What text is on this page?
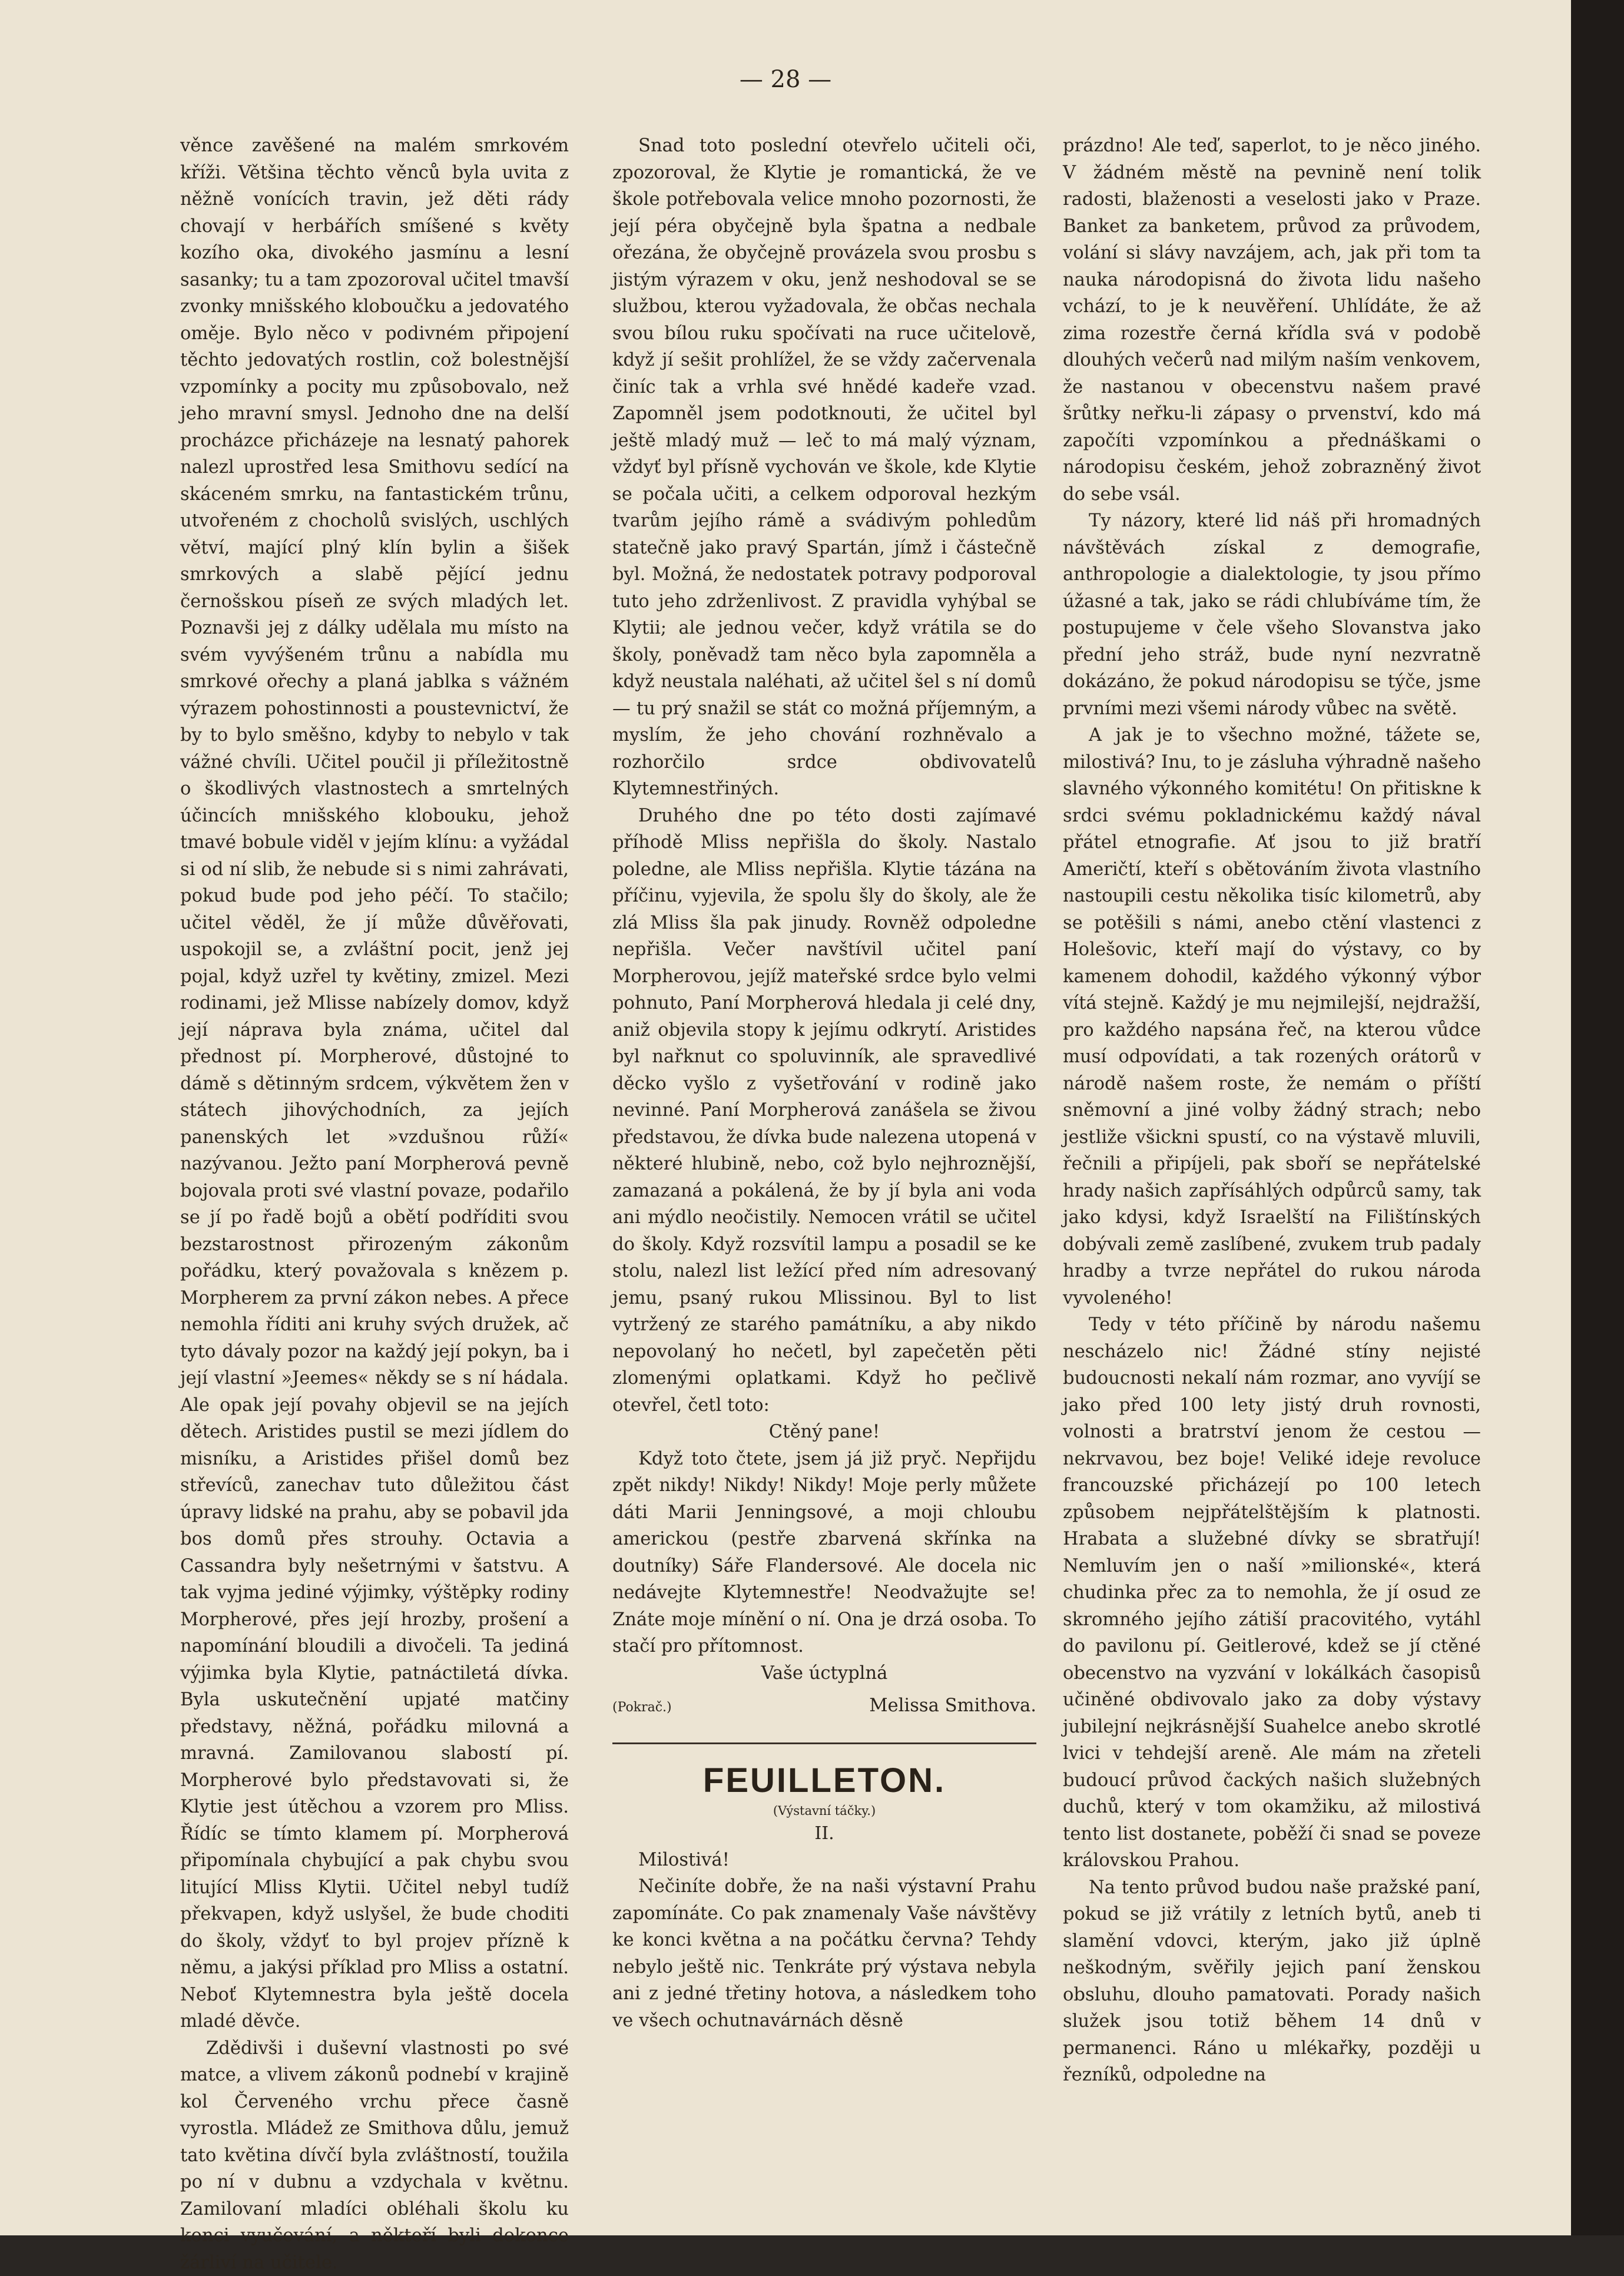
— 28 —

věnce zavěšené na malém smrkovém kříži. Většina těchto věnců byla uvita z něžně vonících travin, jež děti rády chovají v herbářích smíšené s květy kozího oka, divokého jasmínu a lesní sasanky; tu a tam zpozoroval učitel tmavší zvonky mnišského kloboučku a jedovatého oměje. Bylo něco v podivném připojení těchto jedovatých rostlin, což bolestnější vzpomínky a pocity mu způsobovalo, než jeho mravní smysl. Jednoho dne na delší procházce přicházeje na lesnatý pahorek nalezl uprostřed lesa Smithovu sedící na skáceném smrku, na fantastickém trůnu, utvořeném z chocholů svislých, uschlých větví, mající plný klín bylin a šišek smrkových a slabě pějící jednu černošskou píseň ze svých mladých let. Poznavši jej z dálky udělala mu místo na svém vyvýšeném trůnu a nabídla mu smrkové ořechy a planá jablka s vážném výrazem pohostinnosti a poustevnictví, že by to bylo směšno, kdyby to nebylo v tak vážné chvíli. Učitel poučil ji příležitostně o škodlivých vlastnostech a smrtelných účincích mnišského klobouku, jehož tmavé bobule viděl v jejím klínu: a vyžádal si od ní slib, že nebude si s nimi zahrávati, pokud bude pod jeho péčí. To stačilo; učitel věděl, že jí může důvěřovati, uspokojil se, a zvláštní pocit, jenž jej pojal, když uzřel ty květiny, zmizel. Mezi rodinami, jež Mlisse nabízely domov, když její náprava byla známa, učitel dal přednost pí. Morpherové, důstojné to dámě s dětinným srdcem, výkvětem žen v státech jihovýchodních, za jejích panenských let »vzdušnou růží« nazývanou. Ježto paní Morpherová pevně bojovala proti své vlastní povaze, podařilo se jí po řadě bojů a obětí podříditi svou bezstarostnost přirozeným zákonům pořádku, který považovala s knězem p. Morpherem za první zákon nebes. A přece nemohla říditi ani kruhy svých družek, ač tyto dávaly pozor na každý její pokyn, ba i její vlastní »Jeemes« někdy se s ní hádala. Ale opak její povahy objevil se na jejích dětech. Aristides pustil se mezi jídlem do misníku, a Aristides přišel domů bez střevíců, zanechav tuto důležitou část úpravy lidské na prahu, aby se pobavil jda bos domů přes strouhy. Octavia a Cassandra byly nešetrnými v šatstvu. A tak vyjma jediné výjimky, výštěpky rodiny Morpherové, přes její hrozby, prošení a napomínání bloudili a divočeli. Ta jediná výjimka byla Klytie, patnáctiletá dívka. Byla uskutečnění upjaté matčiny představy, něžná, pořádku milovná a mravná. Zamilovanou slabostí pí. Morpherové bylo představovati si, že Klytie jest útěchou a vzorem pro Mliss. Řídíc se tímto klamem pí. Morpherová připomínala chybující a pak chybu svou litující Mliss Klytii. Učitel nebyl tudíž překvapen, když uslyšel, že bude choditi do školy, vždyť to byl projev přízně k němu, a jakýsi příklad pro Mliss a ostatní. Neboť Klytemnestra byla ještě docela mladé děvče.

Zdědivši i duševní vlastnosti po své matce, a vlivem zákonů podnebí v krajině kol Červeného vrchu přece časně vyrostla. Mládež ze Smithova důlu, jemuž tato květina dívčí byla zvláštností, toužila po ní v dubnu a vzdychala v květnu. Zamilovaní mladíci obléhali školu ku konci vyučování, a někteří byli dokonce žárliví na učitele.

Snad toto poslední otevřelo učiteli oči, zpozoroval, že Klytie je romantická, že ve škole potřebovala velice mnoho pozornosti, že její péra obyčejně byla špatna a nedbale ořezána, že obyčejně provázela svou prosbu s jistým výrazem v oku, jenž neshodoval se se službou, kterou vyžadovala, že občas nechala svou bílou ruku spočívati na ruce učitelově, když jí sešit prohlížel, že se vždy začervenala činíc tak a vrhla své hnědé kadeře vzad. Zapomněl jsem podotknouti, že učitel byl ještě mladý muž — leč to má malý význam, vždyť byl přísně vychován ve škole, kde Klytie se počala učiti, a celkem odporoval hezkým tvarům jejího rámě a svádivým pohledům statečně jako pravý Spartán, jímž i částečně byl. Možná, že nedostatek potravy podporoval tuto jeho zdrženlivost. Z pravidla vyhýbal se Klytii; ale jednou večer, když vrátila se do školy, poněvadž tam něco byla zapomněla a když neustala naléhati, až učitel šel s ní domů — tu prý snažil se stát co možná příjemným, a myslím, že jeho chování rozhněvalo a rozhorčilo srdce obdivovatelů Klytemnestřiných.

Druhého dne po této dosti zajímavé příhodě Mliss nepřišla do školy. Nastalo poledne, ale Mliss nepřišla. Klytie tázána na příčinu, vyjevila, že spolu šly do školy, ale že zlá Mliss šla pak jinudy. Rovněž odpoledne nepřišla. Večer navštívil učitel paní Morpherovou, jejíž mateřské srdce bylo velmi pohnuto, Paní Morpherová hledala ji celé dny, aniž objevila stopy k jejímu odkrytí. Aristides byl nařknut co spoluvinník, ale spravedlivé děcko vyšlo z vyšetřování v rodině jako nevinné. Paní Morpherová zanášela se živou představou, že dívka bude nalezena utopená v některé hlubině, nebo, což bylo nejhroznější, zamazaná a pokálená, že by jí byla ani voda ani mýdlo neočistily. Nemocen vrátil se učitel do školy. Když rozsvítil lampu a posadil se ke stolu, nalezl list ležící před ním adresovaný jemu, psaný rukou Mlissinou. Byl to list vytržený ze starého památníku, a aby nikdo nepovolaný ho nečetl, byl zapečetěn pěti zlomenými oplatkami. Když ho pečlivě otevřel, četl toto:

Ctěný pane!

Když toto čtete, jsem já již pryč. Nepřijdu zpět nikdy! Nikdy! Nikdy! Moje perly můžete dáti Marii Jenningsové, a moji chloubu americkou (pestře zbarvená skřínka na doutníky) Sáře Flandersové. Ale docela nic nedávejte Klytemnestře! Neodvažujte se! Znáte moje mínění o ní. Ona je drzá osoba. To stačí pro přítomnost.

Vaše úctyplná

(Pokrač.)	Melissa Smithova.
FEUILLETON.
(Výstavní táčky.)
II.

Milostivá!

Nečiníte dobře, že na naši výstavní Prahu zapomínáte. Co pak znamenaly Vaše návštěvy ke konci května a na počátku června? Tehdy nebylo ještě nic. Tenkráte prý výstava nebyla ani z jedné třetiny hotova, a následkem toho ve všech ochutnavárnách děsně

prázdno! Ale teď, saperlot, to je něco jiného. V žádném městě na pevnině není tolik radosti, blaženosti a veselosti jako v Praze. Banket za banketem, průvod za průvodem, volání si slávy navzájem, ach, jak při tom ta nauka národopisná do života lidu našeho vchází, to je k neuvěření. Uhlídáte, že až zima rozestře černá křídla svá v podobě dlouhých večerů nad milým naším venkovem, že nastanou v obecenstvu našem pravé šrůtky neřku-li zápasy o prvenství, kdo má započíti vzpomínkou a přednáškami o národopisu českém, jehož zobrazněný život do sebe vsál.

Ty názory, které lid náš při hromadných návštěvách získal z demografie, anthropologie a dialektologie, ty jsou přímo úžasné a tak, jako se rádi chlubíváme tím, že postupujeme v čele všeho Slovanstva jako přední jeho stráž, bude nyní nezvratně dokázáno, že pokud národopisu se týče, jsme prvními mezi všemi národy vůbec na světě.

A jak je to všechno možné, tážete se, milostivá? Inu, to je zásluha výhradně našeho slavného výkonného komitétu! On přitiskne k srdci svému pokladnickému každý nával přátel etnografie. Ať jsou to již bratří Američtí, kteří s obětováním života vlastního nastoupili cestu několika tisíc kilometrů, aby se potěšili s námi, anebo ctění vlastenci z Holešovic, kteří mají do výstavy, co by kamenem dohodil, každého výkonný výbor vítá stejně. Každý je mu nejmilejší, nejdražší, pro každého napsána řeč, na kterou vůdce musí odpovídati, a tak rozených orátorů v národě našem roste, že nemám o příští sněmovní a jiné volby žádný strach; nebo jestliže všickni spustí, co na výstavě mluvili, řečnili a připíjeli, pak sboří se nepřátelské hrady našich zapřísáhlých odpůrců samy, tak jako kdysi, když Israelští na Filištínských dobývali země zaslíbené, zvukem trub padaly hradby a tvrze nepřátel do rukou národa vyvoleného!

Tedy v této příčině by národu našemu nescházelo nic! Žádné stíny nejisté budoucnosti nekalí nám rozmar, ano vyvíjí se jako před 100 lety jistý druh rovnosti, volnosti a bratrství jenom že cestou — nekrvavou, bez boje! Veliké ideje revoluce francouzské přicházejí po 100 letech způsobem nejpřátelštějším k platnosti. Hrabata a služebné dívky se sbratřují! Nemluvím jen o naší »milionské«, která chudinka přec za to nemohla, že jí osud ze skromného jejího zátiší pracovitého, vytáhl do pavilonu pí. Geitlerové, kdež se jí ctěné obecenstvo na vyzvání v lokálkách časopisů učiněné obdivovalo jako za doby výstavy jubilejní nejkrásnější Suahelce anebo skrotlé lvici v tehdejší areně. Ale mám na zřeteli budoucí průvod čackých našich služebných duchů, který v tom okamžiku, až milostivá tento list dostanete, poběží či snad se poveze královskou Prahou.

Na tento průvod budou naše pražské paní, pokud se již vrátily z letních bytů, aneb ti slamění vdovci, kterým, jako již úplně neškodným, svěřily jejich paní ženskou obsluhu, dlouho pamatovati. Porady našich služek jsou totiž během 14 dnů v permanenci. Ráno u mlékařky, později u řezníků, odpoledne na
